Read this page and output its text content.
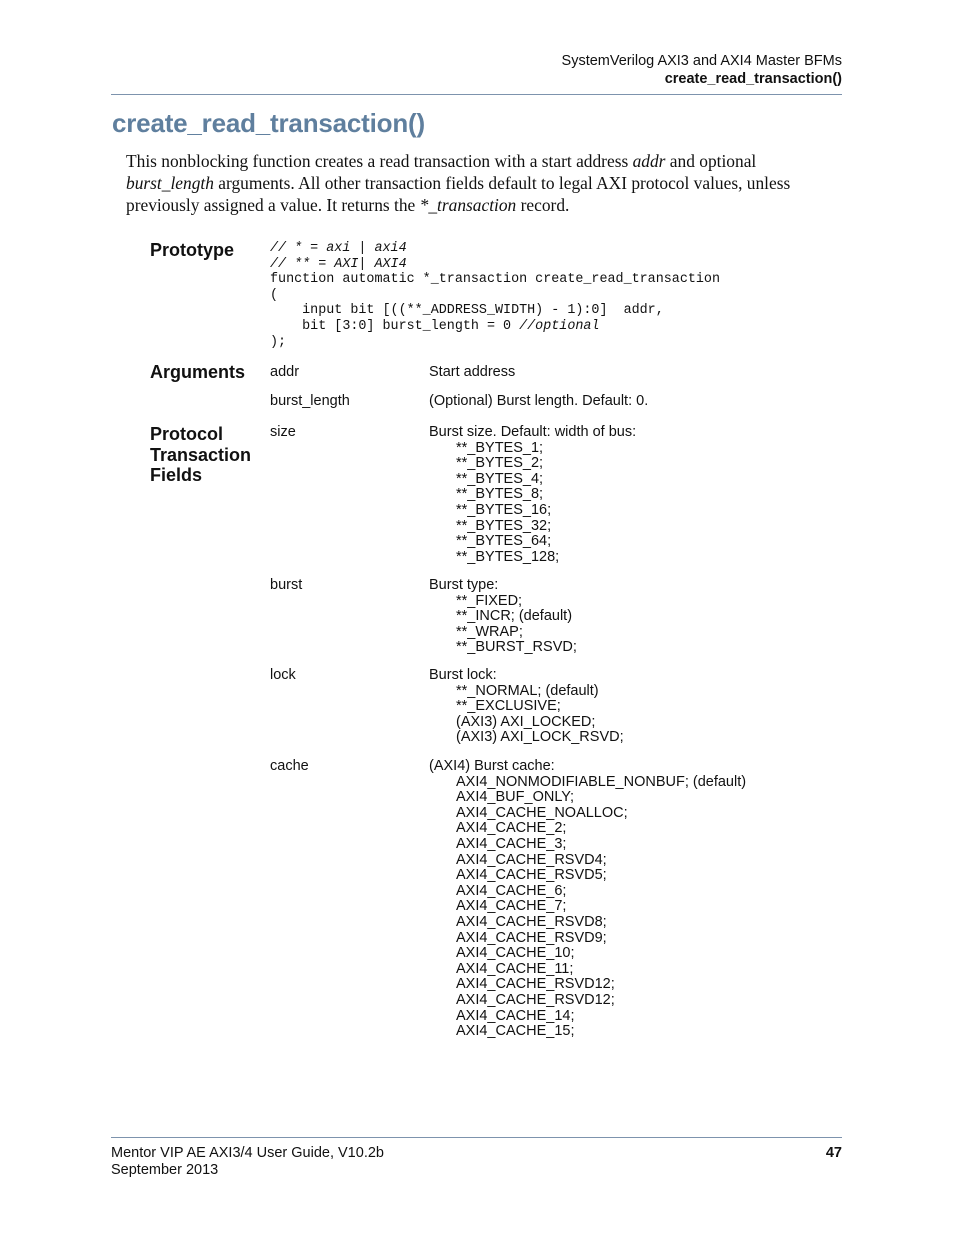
SystemVerilog AXI3 and AXI4 Master BFMs
create_read_transaction()
create_read_transaction()

This nonblocking function creates a read transaction with a start address addr and optional burst_length arguments. All other transaction fields default to legal AXI protocol values, unless previously assigned a value. It returns the *_transaction record.

Prototype	// * = axi | axi4
// ** = AXI| AXI4
function automatic *_transaction create_read_transaction
(
input bit [((**_ADDRESS_WIDTH) - 1):0]  addr,
bit [3:0] burst_length = 0 //optional
);
Arguments addr	Start address
burst_length	(Optional) Burst length. Default: 0.
Protocol
Transaction
Fields
size	Burst size. Default: width of bus:
**_BYTES_1;
**_BYTES_2;
**_BYTES_4;
**_BYTES_8;
**_BYTES_16;
**_BYTES_32;
**_BYTES_64;
**_BYTES_128;
burst	Burst type:
**_FIXED;
**_INCR; (default)
**_WRAP;
**_BURST_RSVD;
lock	Burst lock:
**_NORMAL; (default)
**_EXCLUSIVE;
(AXI3) AXI_LOCKED;
(AXI3) AXI_LOCK_RSVD;
cache	(AXI4) Burst cache:
AXI4_NONMODIFIABLE_NONBUF; (default)
AXI4_BUF_ONLY;
AXI4_CACHE_NOALLOC;
AXI4_CACHE_2;
AXI4_CACHE_3;
AXI4_CACHE_RSVD4;
AXI4_CACHE_RSVD5;
AXI4_CACHE_6;
AXI4_CACHE_7;
AXI4_CACHE_RSVD8;
AXI4_CACHE_RSVD9;
AXI4_CACHE_10;
AXI4_CACHE_11;
AXI4_CACHE_RSVD12;
AXI4_CACHE_RSVD12;
AXI4_CACHE_14;
AXI4_CACHE_15;
Mentor VIP AE AXI3/4 User Guide, V10.2b
September 2013
47
